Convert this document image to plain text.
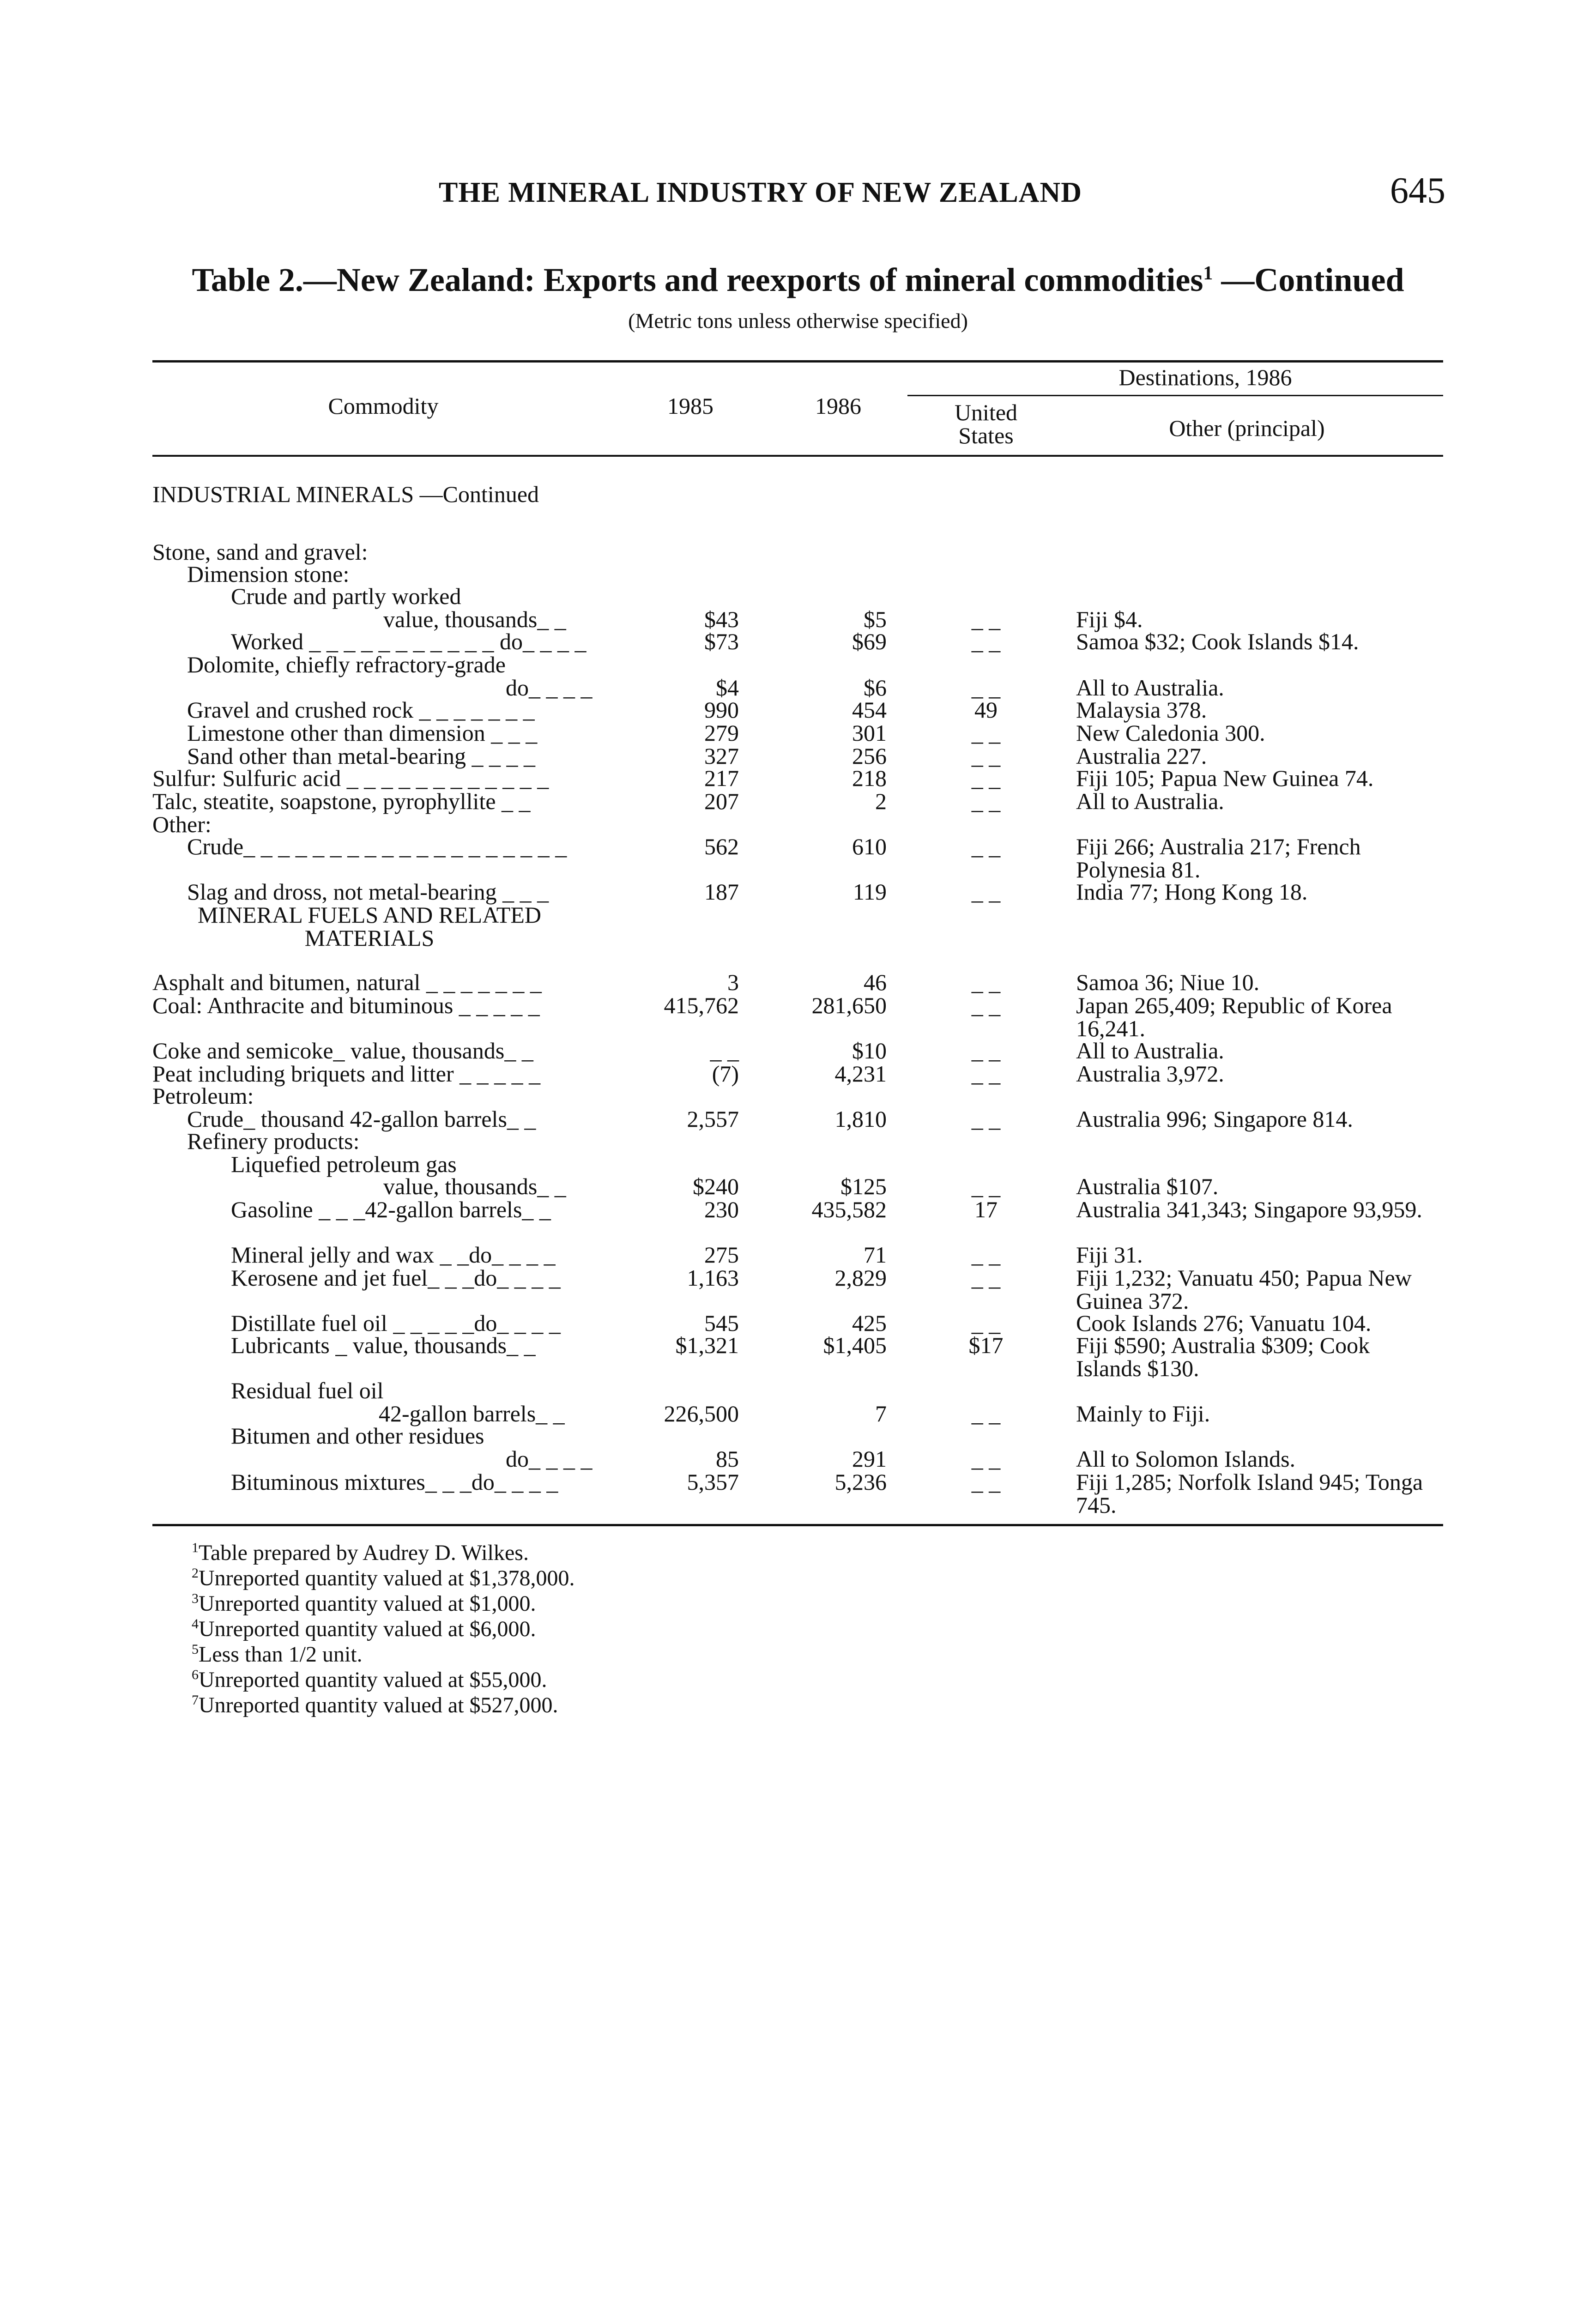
THE MINERAL INDUSTRY OF NEW ZEALAND	645
Table 2.—New Zealand: Exports and reexports of mineral commodities$^1$ —Continued
(Metric tons unless otherwise specified)
Commodity	1985	1986
Destinations, 1986
United
States	Other (principal)
INDUSTRIAL MINERALS —Continued
MINERAL FUELS AND RELATED
MATERIALS
Stone, sand and gravel:
Dimension stone:
Crude and partly worked
value, thousands_ _	$43	$5	_ _	Fiji $4.
Worked _ _ _ _ _ _ _ _ _ _ _ do_ _ _ _	$73	$69	_ _	Samoa $32; Cook Islands $14.
Dolomite, chiefly refractory-grade
do_ _ _ _	$4	$6	_ _	All to Australia.
Gravel and crushed rock _ _ _ _ _ _ _	990	454	49	Malaysia 378.
Limestone other than dimension _ _ _	279	301	_ _	New Caledonia 300.
Sand other than metal-bearing _ _ _ _	327	256	_ _	Australia 227.
Sulfur: Sulfuric acid _ _ _ _ _ _ _ _ _ _ _ _	217	218	_ _	Fiji 105; Papua New Guinea 74.
Talc, steatite, soapstone, pyrophyllite _ _	207	2	_ _	All to Australia.
Other:
Crude_ _ _ _ _ _ _ _ _ _ _ _ _ _ _ _ _ _ _	562	610	_ _	Fiji 266; Australia 217; French Polynesia 81.
Slag and dross, not metal-bearing _ _ _	187	119	_ _	India 77; Hong Kong 18.
Asphalt and bitumen, natural _ _ _ _ _ _ _	3	46	_ _	Samoa 36; Niue 10.
Coal: Anthracite and bituminous _ _ _ _ _	415,762	281,650	_ _	Japan 265,409; Republic of Korea 16,241.
Coke and semicoke_ value, thousands_ _	_ _	$10	_ _	All to Australia.
Peat including briquets and litter _ _ _ _ _	(7)	4,231	_ _	Australia 3,972.
Petroleum:
Crude_ thousand 42-gallon barrels_ _	2,557	1,810	_ _	Australia 996; Singapore 814.
Refinery products:
Liquefied petroleum gas
value, thousands_ _	$240	$125	_ _	Australia $107.
Gasoline _ _ _42-gallon barrels_ _	230	435,582	17	Australia 341,343; Singapore 93,959.
Mineral jelly and wax _ _do_ _ _ _	275	71	_ _	Fiji 31.
Kerosene and jet fuel_ _ _do_ _ _ _	1,163	2,829	_ _	Fiji 1,232; Vanuatu 450; Papua New Guinea 372.
Distillate fuel oil _ _ _ _ _do_ _ _ _	545	425	_ _	Cook Islands 276; Vanuatu 104.
Lubricants _ value, thousands_ _	$1,321	$1,405	$17	Fiji $590; Australia $309; Cook Islands $130.
Residual fuel oil
42-gallon barrels_ _	226,500	7	_ _	Mainly to Fiji.
Bitumen and other residues
do_ _ _ _	85	291	_ _	All to Solomon Islands.
Bituminous mixtures_ _ _do_ _ _ _	5,357	5,236	_ _	Fiji 1,285; Norfolk Island 945; Tonga 745.
$^1$Table prepared by Audrey D. Wilkes.
$^2$Unreported quantity valued at $1,378,000.
$^3$Unreported quantity valued at $1,000.
$^4$Unreported quantity valued at $6,000.
$^5$Less than 1/2 unit.
$^6$Unreported quantity valued at $55,000.
$^7$Unreported quantity valued at $527,000.
